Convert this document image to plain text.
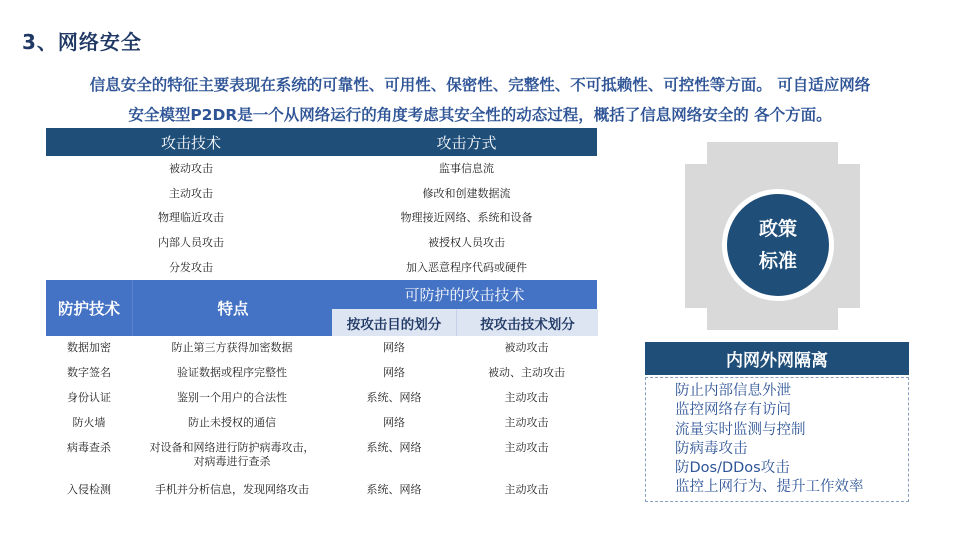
3、网络安全

信息安全的特征主要表现在系统的可靠性、可用性、保密性、完整性、不可抵赖性、可控性等方面。 可自适应网络

安全模型P2DR是一个从网络运行的角度考虑其安全性的动态过程，概括了信息网络安全的 各个方面。

攻击技术	攻击方式
被动攻击	监事信息流
主动攻击	修改和创建数据流
物理临近攻击	物理接近网络、系统和设备
内部人员攻击	被授权人员攻击
分发攻击	加入恶意程序代码或硬件
防护技术	特点
可防护的攻击技术
按攻击目的划分	按攻击技术划分
数据加密	防止第三方获得加密数据	网络	被动攻击
数字签名	验证数据或程序完整性	网络	被动、主动攻击
身份认证	鉴别一个用户的合法性	系统、网络	主动攻击
防火墙	防止未授权的通信	网络	主动攻击
病毒查杀	对设备和网络进行防护病毒攻击，
对病毒进行查杀
系统、网络	主动攻击
入侵检测	手机并分析信息，发现网络攻击	系统、网络	主动攻击
政策
标准
内网外网隔离
防止内部信息外泄
监控网络存有访问
流量实时监测与控制
防病毒攻击
防Dos/DDos攻击
监控上网行为、提升工作效率
